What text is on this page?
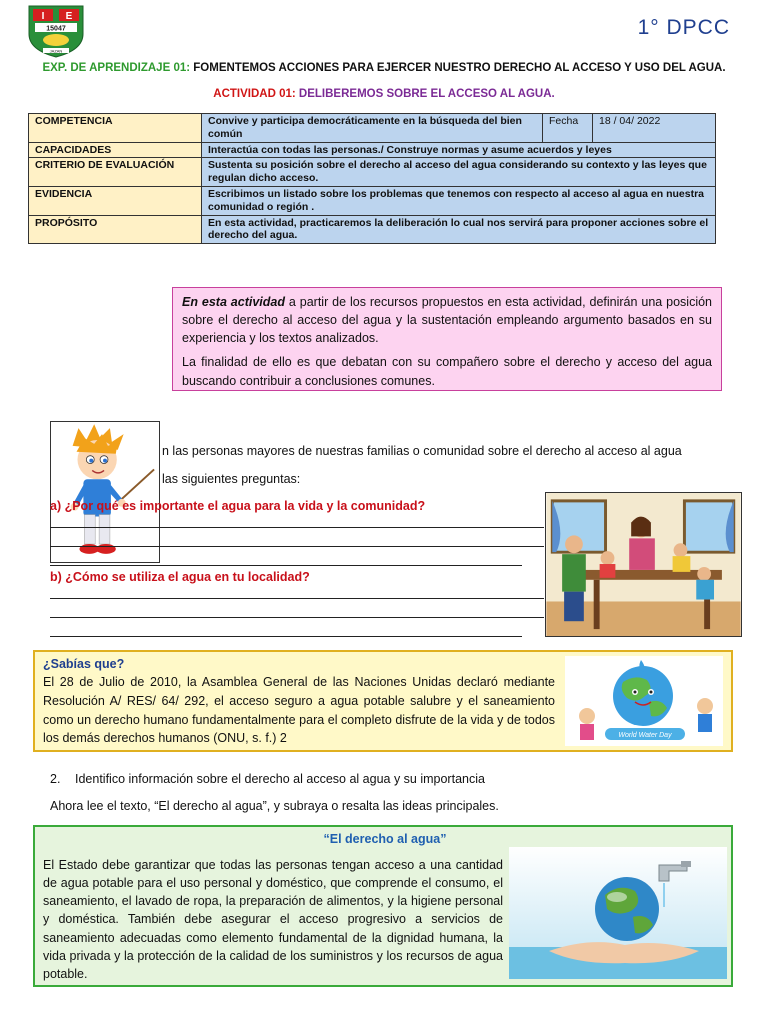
I E
15047
JAZAN
1° DPCC
EXP. DE APRENDIZAJE 01: FOMENTEMOS ACCIONES PARA EJERCER NUESTRO DERECHO AL ACCESO Y USO DEL AGUA.
ACTIVIDAD 01: DELIBEREMOS SOBRE EL ACCESO AL AGUA.
COMPETENCIA	Convive y participa democráticamente en la búsqueda del bien común	Fecha	18 / 04/ 2022
CAPACIDADES	Interactúa con todas las personas./ Construye normas y asume acuerdos y leyes		
CRITERIO DE EVALUACIÓN	Sustenta su posición sobre el derecho al acceso del agua considerando su contexto y las leyes que regulan dicho acceso.		
EVIDENCIA	Escribimos un listado sobre los problemas que tenemos con respecto al acceso al agua en nuestra comunidad o región .		
PROPÓSITO	En esta actividad, practicaremos la deliberación lo cual nos servirá para proponer acciones sobre el derecho del agua.		

En esta actividad a partir de los recursos propuestos en esta actividad, definirán una posición sobre el derecho al acceso del agua y la sustentación empleando argumento basados en su experiencia y los textos analizados.

La finalidad de ello es que debatan con su compañero sobre el derecho y acceso del agua buscando contribuir a conclusiones comunes.

n las personas mayores de nuestras familias o comunidad sobre el derecho al acceso al agua
las siguientes preguntas:
a) ¿Por qué es importante el agua para la vida y la comunidad?
b) ¿Cómo se utiliza el agua en tu localidad?
¿Sabías que?
El 28 de Julio de 2010, la Asamblea General de las Naciones Unidas declaró mediante Resolución A/ RES/ 64/ 292, el acceso seguro a agua potable salubre y el saneamiento como un derecho humano fundamentalmente para el completo disfrute de la vida y de todos los demás derechos humanos (ONU, s. f.) 2	World Water Day
2. Identifico información sobre el derecho al acceso al agua y su importancia
Ahora lee el texto, “El derecho al agua”, y subraya o resalta las ideas principales.
“El derecho al agua”
El Estado debe garantizar que todas las personas tengan acceso a una cantidad de agua potable para el uso personal y doméstico, que comprende el consumo, el saneamiento, el lavado de ropa, la preparación de alimentos, y la higiene personal y doméstica. También debe asegurar el acceso progresivo a servicios de saneamiento adecuadas como elemento fundamental de la dignidad humana, la vida privada y la protección de la calidad de los suministros y los recursos de agua potable.
